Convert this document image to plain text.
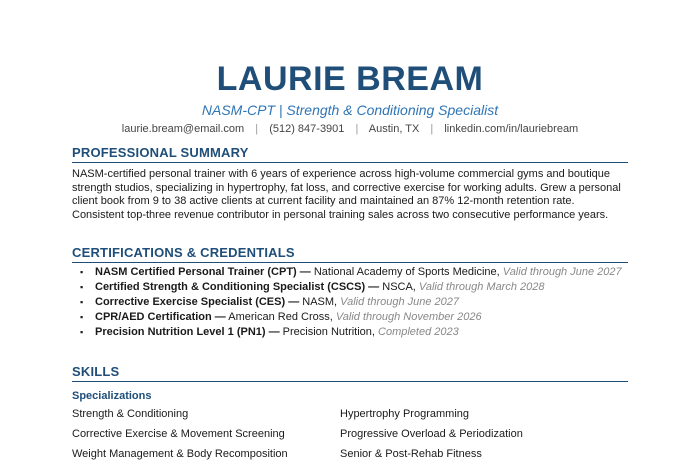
LAURIE BREAM
NASM-CPT | Strength & Conditioning Specialist
laurie.bream@email.com | (512) 847-3901 | Austin, TX | linkedin.com/in/lauriebream
PROFESSIONAL SUMMARY
NASM-certified personal trainer with 6 years of experience across high-volume commercial gyms and boutique strength studios, specializing in hypertrophy, fat loss, and corrective exercise for working adults. Grew a personal client book from 9 to 38 active clients at current facility and maintained an 87% 12-month retention rate. Consistent top-three revenue contributor in personal training sales across two consecutive performance years.
CERTIFICATIONS & CREDENTIALS
▪ NASM Certified Personal Trainer (CPT) — National Academy of Sports Medicine, Valid through June 2027
▪ Certified Strength & Conditioning Specialist (CSCS) — NSCA, Valid through March 2028
▪ Corrective Exercise Specialist (CES) — NASM, Valid through June 2027
▪ CPR/AED Certification — American Red Cross, Valid through November 2026
▪ Precision Nutrition Level 1 (PN1) — Precision Nutrition, Completed 2023
SKILLS
Specializations
Strength & Conditioning
Corrective Exercise & Movement Screening
Weight Management & Body Recomposition
Hypertrophy Programming
Progressive Overload & Periodization
Senior & Post-Rehab Fitness
